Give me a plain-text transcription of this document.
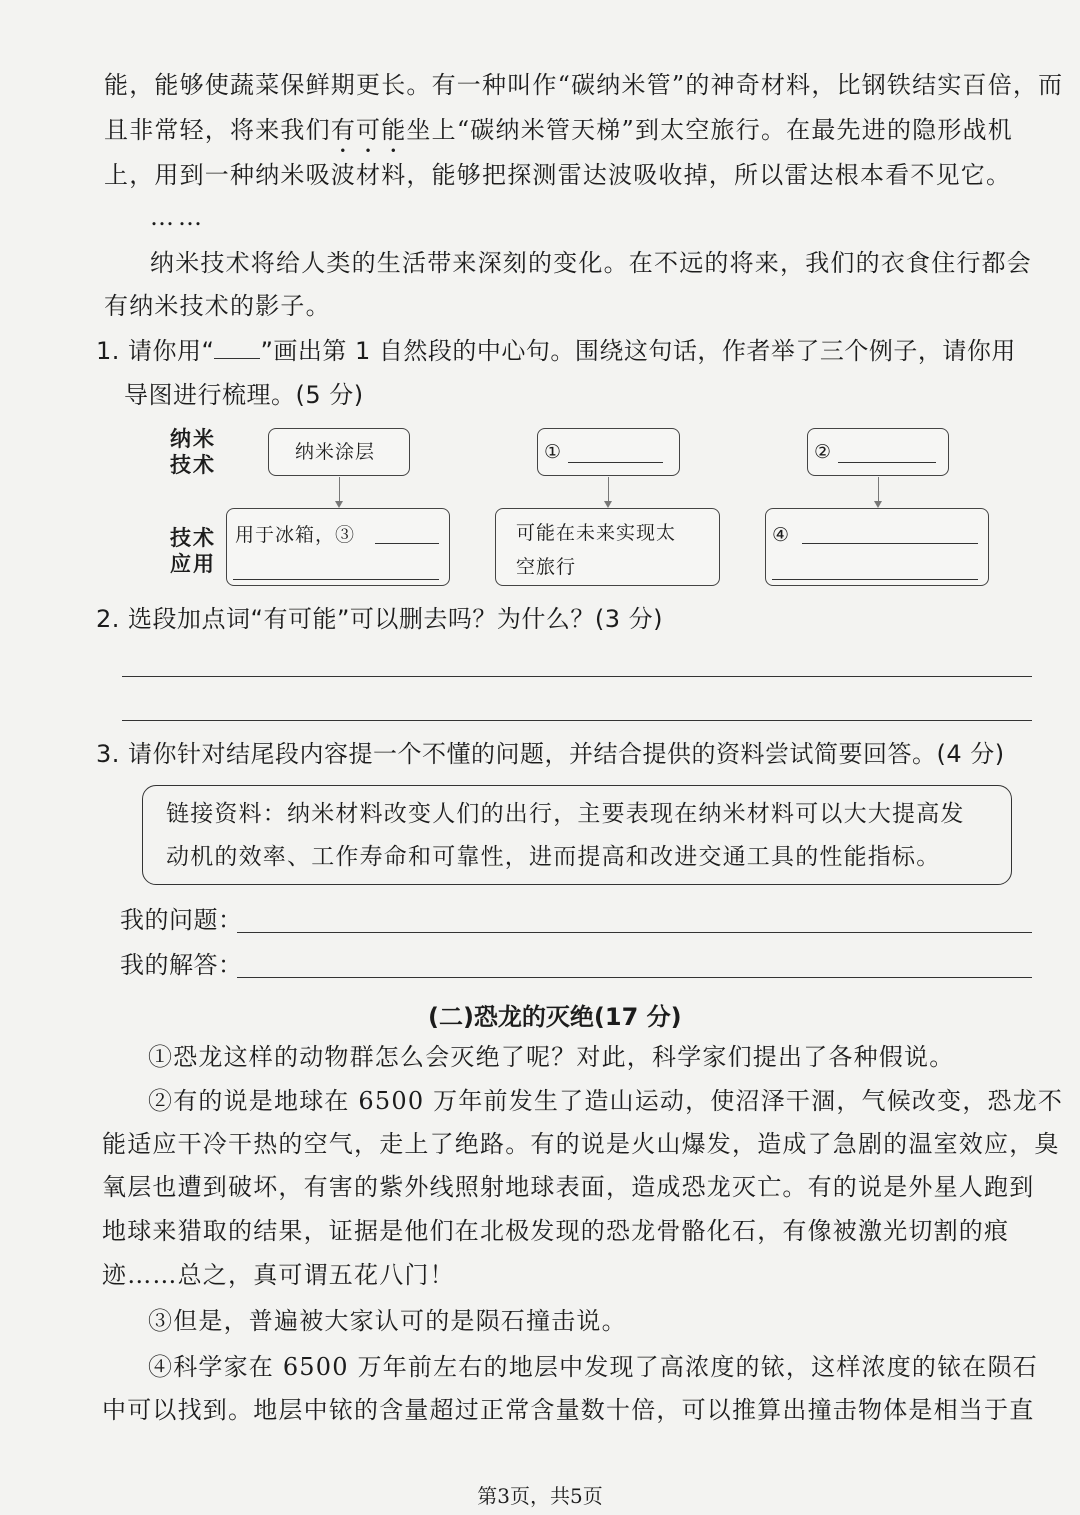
能，能够使蔬菜保鲜期更长。有一种叫作“碳纳米管”的神奇材料，比钢铁结实百倍，而
且非常轻，将来我们有可能坐上“碳纳米管天梯”到太空旅行。在最先进的隐形战机
上，用到一种纳米吸波材料，能够把探测雷达波吸收掉，所以雷达根本看不见它。
……
纳米技术将给人类的生活带来深刻的变化。在不远的将来，我们的衣食住行都会
有纳米技术的影子。
1. 请你用“ ”画出第 1 自然段的中心句。围绕这句话，作者举了三个例子，请你用
导图进行梳理。(5 分)
纳米
技术
技术
应用
纳米涂层	①	②
用于冰箱，③	可能在未来实现太
空旅行
④
2. 选段加点词“有可能”可以删去吗？为什么？(3 分)
3. 请你针对结尾段内容提一个不懂的问题，并结合提供的资料尝试简要回答。(4 分)
链接资料：纳米材料改变人们的出行，主要表现在纳米材料可以大大提高发
动机的效率、工作寿命和可靠性，进而提高和改进交通工具的性能指标。
我的问题：
我的解答：
(二)恐龙的灭绝(17 分)
①恐龙这样的动物群怎么会灭绝了呢？对此，科学家们提出了各种假说。
②有的说是地球在 6500 万年前发生了造山运动，使沼泽干涸，气候改变，恐龙不
能适应干冷干热的空气，走上了绝路。有的说是火山爆发，造成了急剧的温室效应，臭
氧层也遭到破坏，有害的紫外线照射地球表面，造成恐龙灭亡。有的说是外星人跑到
地球来猎取的结果，证据是他们在北极发现的恐龙骨骼化石，有像被激光切割的痕
迹……总之，真可谓五花八门！
③但是，普遍被大家认可的是陨石撞击说。
④科学家在 6500 万年前左右的地层中发现了高浓度的铱，这样浓度的铱在陨石
中可以找到。地层中铱的含量超过正常含量数十倍，可以推算出撞击物体是相当于直
第3页，共5页
